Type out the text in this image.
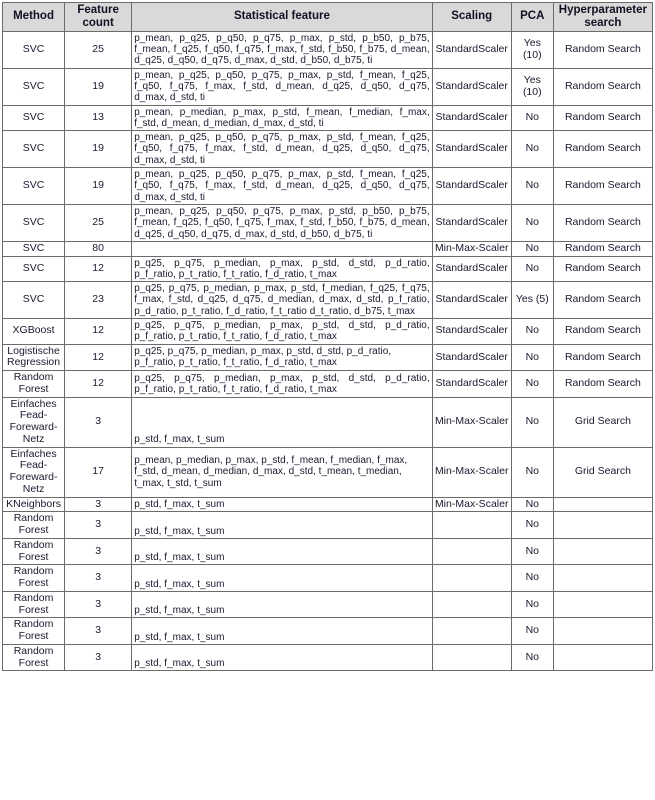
Method	Feature count	Statistical feature	Scaling	PCA	Hyperparameter search
SVC	25	p_mean, p_q25, p_q50, p_q75, p_max, p_std, p_b50, p_b75, f_mean, f_q25, f_q50, f_q75, f_max, f_std, f_b50, f_b75, d_mean, d_q25, d_q50, d_q75, d_max, d_std, d_b50, d_b75, ti	StandardScaler	Yes (10)	Random Search
SVC	19	p_mean, p_q25, p_q50, p_q75, p_max, p_std, f_mean, f_q25, f_q50, f_q75, f_max, f_std, d_mean, d_q25, d_q50, d_q75, d_max, d_std, ti	StandardScaler	Yes (10)	Random Search
SVC	13	p_mean, p_median, p_max, p_std, f_mean, f_median, f_max, f_std, d_mean, d_median, d_max, d_std, ti	StandardScaler	No	Random Search
SVC	19	p_mean, p_q25, p_q50, p_q75, p_max, p_std, f_mean, f_q25, f_q50, f_q75, f_max, f_std, d_mean, d_q25, d_q50, d_q75, d_max, d_std, ti	StandardScaler	No	Random Search
SVC	19	p_mean, p_q25, p_q50, p_q75, p_max, p_std, f_mean, f_q25, f_q50, f_q75, f_max, f_std, d_mean, d_q25, d_q50, d_q75, d_max, d_std, ti	StandardScaler	No	Random Search
SVC	25	p_mean, p_q25, p_q50, p_q75, p_max, p_std, p_b50, p_b75, f_mean, f_q25, f_q50, f_q75, f_max, f_std, f_b50, f_b75, d_mean, d_q25, d_q50, d_q75, d_max, d_std, d_b50, d_b75, ti	StandardScaler	No	Random Search
SVC	80		Min-Max-Scaler	No	Random Search
SVC	12	p_q25, p_q75, p_median, p_max, p_std, d_std, p_d_ratio, p_f_ratio, p_t_ratio, f_t_ratio, f_d_ratio, t_max	StandardScaler	No	Random Search
SVC	23	p_q25, p_q75, p_median, p_max, p_std, f_median, f_q25, f_q75, f_max, f_std, d_q25, d_q75, d_median, d_max, d_std, p_f_ratio, p_d_ratio, p_t_ratio, f_d_ratio, f_t_ratio d_t_ratio, d_b75, t_max	StandardScaler	Yes (5)	Random Search
XGBoost	12	p_q25, p_q75, p_median, p_max, p_std, d_std, p_d_ratio, p_f_ratio, p_t_ratio, f_t_ratio, f_d_ratio, t_max	StandardScaler	No	Random Search
Logistische Regression	12	p_q25, p_q75, p_median, p_max, p_std, d_std, p_d_ratio, p_f_ratio, p_t_ratio, f_t_ratio, f_d_ratio, t_max	StandardScaler	No	Random Search
Random Forest	12	p_q25, p_q75, p_median, p_max, p_std, d_std, p_d_ratio, p_f_ratio, p_t_ratio, f_t_ratio, f_d_ratio, t_max	StandardScaler	No	Random Search
Einfaches Fead-Foreward-Netz	3	p_std, f_max, t_sum	Min-Max-Scaler	No	Grid Search
Einfaches Fead-Foreward-Netz	17	p_mean, p_median, p_max, p_std, f_mean, f_median, f_max, f_std, d_mean, d_median, d_max, d_std, t_mean, t_median, t_max, t_std, t_sum	Min-Max-Scaler	No	Grid Search
KNeighbors	3	p_std, f_max, t_sum	Min-Max-Scaler	No	
Random Forest	3	p_std, f_max, t_sum		No	
Random Forest	3	p_std, f_max, t_sum		No	
Random Forest	3	p_std, f_max, t_sum		No	
Random Forest	3	p_std, f_max, t_sum		No	
Random Forest	3	p_std, f_max, t_sum		No	
Random Forest	3	p_std, f_max, t_sum		No	
